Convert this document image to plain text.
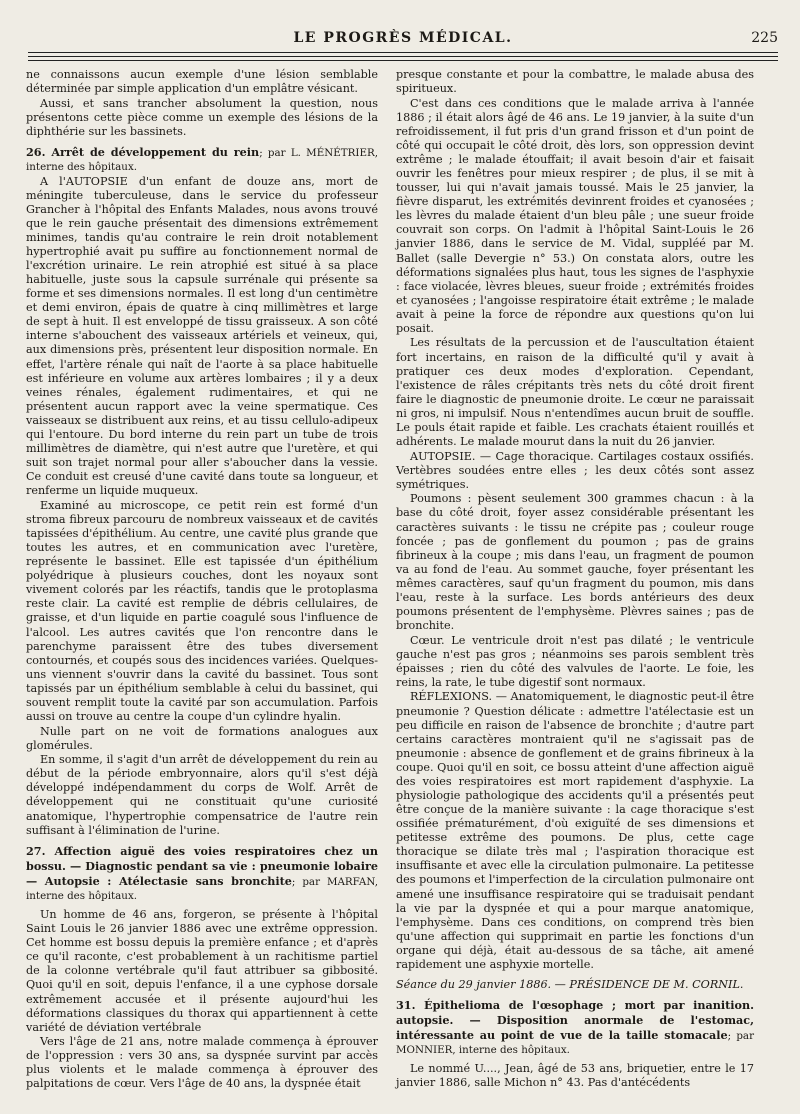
LE PROGRÈS MÉDICAL.	225

ne connaissons aucun exemple d'une lésion semblable déterminée par simple application d'un emplâtre vésicant.

Aussi, et sans trancher absolument la question, nous présentons cette pièce comme un exemple des lésions de la diphthérie sur les bassinets.

26. Arrêt de développement du rein; par L. MÉNÉTRIER, interne des hôpitaux.

A l'AUTOPSIE d'un enfant de douze ans, mort de méningite tuberculeuse, dans le service du professeur Grancher à l'hôpital des Enfants Malades, nous avons trouvé que le rein gauche présentait des dimensions extrêmement minimes, tandis qu'au contraire le rein droit notablement hypertrophié avait pu suffire au fonctionnement normal de l'excrétion urinaire. Le rein atrophié est situé à sa place habituelle, juste sous la capsule surrénale qui présente sa forme et ses dimensions normales. Il est long d'un centimètre et demi environ, épais de quatre à cinq millimètres et large de sept à huit. Il est enveloppé de tissu graisseux. A son côté interne s'abouchent des vaisseaux artériels et veineux, qui, aux dimensions près, présentent leur disposition normale. En effet, l'artère rénale qui naît de l'aorte à sa place habituelle est inférieure en volume aux artères lombaires ; il y a deux veines rénales, également rudimentaires, et qui ne présentent aucun rapport avec la veine spermatique. Ces vaisseaux se distribuent aux reins, et au tissu cellulo-adipeux qui l'entoure. Du bord interne du rein part un tube de trois millimètres de diamètre, qui n'est autre que l'uretère, et qui suit son trajet normal pour aller s'aboucher dans la vessie. Ce conduit est creusé d'une cavité dans toute sa longueur, et renferme un liquide muqueux.

Examiné au microscope, ce petit rein est formé d'un stroma fibreux parcouru de nombreux vaisseaux et de cavités tapissées d'épithélium. Au centre, une cavité plus grande que toutes les autres, et en communication avec l'uretère, représente le bassinet. Elle est tapissée d'un épithélium polyédrique à plusieurs couches, dont les noyaux sont vivement colorés par les réactifs, tandis que le protoplasma reste clair. La cavité est remplie de débris cellulaires, de graisse, et d'un liquide en partie coagulé sous l'influence de l'alcool. Les autres cavités que l'on rencontre dans le parenchyme paraissent être des tubes diversement contournés, et coupés sous des incidences variées. Quelques-uns viennent s'ouvrir dans la cavité du bassinet. Tous sont tapissés par un épithélium semblable à celui du bassinet, qui souvent remplit toute la cavité par son accumulation. Parfois aussi on trouve au centre la coupe d'un cylindre hyalin.

Nulle part on ne voit de formations analogues aux glomérules.

En somme, il s'agit d'un arrêt de développement du rein au début de la période embryonnaire, alors qu'il s'est déjà développé indépendamment du corps de Wolf. Arrêt de développement qui ne constituait qu'une curiosité anatomique, l'hypertrophie compensatrice de l'autre rein suffisant à l'élimination de l'urine.

27. Affection aiguë des voies respiratoires chez un bossu. — Diagnostic pendant sa vie : pneumonie lobaire — Autopsie : Atélectasie sans bronchite; par MARFAN, interne des hôpitaux.

Un homme de 46 ans, forgeron, se présente à l'hôpital Saint Louis le 26 janvier 1886 avec une extrême oppression. Cet homme est bossu depuis la première enfance ; et d'après ce qu'il raconte, c'est probablement à un rachitisme partiel de la colonne vertébrale qu'il faut attribuer sa gibbosité. Quoi qu'il en soit, depuis l'enfance, il a une cyphose dorsale extrêmement accusée et il présente aujourd'hui les déformations classiques du thorax qui appartiennent à cette variété de déviation vertébrale

Vers l'âge de 21 ans, notre malade commença à éprouver de l'oppression : vers 30 ans, sa dyspnée survint par accès plus violents et le malade commença à éprouver des palpitations de cœur. Vers l'âge de 40 ans, la dyspnée était

presque constante et pour la combattre, le malade abusa des spiritueux.

C'est dans ces conditions que le malade arriva à l'année 1886 ; il était alors âgé de 46 ans. Le 19 janvier, à la suite d'un refroidissement, il fut pris d'un grand frisson et d'un point de côté qui occupait le côté droit, dès lors, son oppression devint extrême ; le malade étouffait; il avait besoin d'air et faisait ouvrir les fenêtres pour mieux respirer ; de plus, il se mit à tousser, lui qui n'avait jamais toussé. Mais le 25 janvier, la fièvre disparut, les extrémités devinrent froides et cyanosées ; les lèvres du malade étaient d'un bleu pâle ; une sueur froide couvrait son corps. On l'admit à l'hôpital Saint-Louis le 26 janvier 1886, dans le service de M. Vidal, suppléé par M. Ballet (salle Devergie n° 53.) On constata alors, outre les déformations signalées plus haut, tous les signes de l'asphyxie : face violacée, lèvres bleues, sueur froide ; extrémités froides et cyanosées ; l'angoisse respiratoire était extrême ; le malade avait à peine la force de répondre aux questions qu'on lui posait.

Les résultats de la percussion et de l'auscultation étaient fort incertains, en raison de la difficulté qu'il y avait à pratiquer ces deux modes d'exploration. Cependant, l'existence de râles crépitants très nets du côté droit firent faire le diagnostic de pneumonie droite. Le cœur ne paraissait ni gros, ni impulsif. Nous n'entendîmes aucun bruit de souffle. Le pouls était rapide et faible. Les crachats étaient rouillés et adhérents. Le malade mourut dans la nuit du 26 janvier.

AUTOPSIE. — Cage thoracique. Cartilages costaux ossifiés. Vertèbres soudées entre elles ; les deux côtés sont assez symétriques.

Poumons : pèsent seulement 300 grammes chacun : à la base du côté droit, foyer assez considérable présentant les caractères suivants : le tissu ne crépite pas ; couleur rouge foncée ; pas de gonflement du poumon ; pas de grains fibrineux à la coupe ; mis dans l'eau, un fragment de poumon va au fond de l'eau. Au sommet gauche, foyer présentant les mêmes caractères, sauf qu'un fragment du poumon, mis dans l'eau, reste à la surface. Les bords antérieurs des deux poumons présentent de l'emphysème. Plèvres saines ; pas de bronchite.

Cœur. Le ventricule droit n'est pas dilaté ; le ventricule gauche n'est pas gros ; néanmoins ses parois semblent très épaisses ; rien du côté des valvules de l'aorte. Le foie, les reins, la rate, le tube digestif sont normaux.

RÉFLEXIONS. — Anatomiquement, le diagnostic peut-il être pneumonie ? Question délicate : admettre l'atélectasie est un peu difficile en raison de l'absence de bronchite ; d'autre part certains caractères montraient qu'il ne s'agissait pas de pneumonie : absence de gonflement et de grains fibrineux à la coupe. Quoi qu'il en soit, ce bossu atteint d'une affection aiguë des voies respiratoires est mort rapidement d'asphyxie. La physiologie pathologique des accidents qu'il a présentés peut être conçue de la manière suivante : la cage thoracique s'est ossifiée prématurément, d'où exiguïté de ses dimensions et petitesse extrême des poumons. De plus, cette cage thoracique se dilate très mal ; l'aspiration thoracique est insuffisante et avec elle la circulation pulmonaire. La petitesse des poumons et l'imperfection de la circulation pulmonaire ont amené une insuffisance respiratoire qui se traduisait pendant la vie par la dyspnée et qui a pour marque anatomique, l'emphysème. Dans ces conditions, on comprend très bien qu'une affection qui supprimait en partie les fonctions d'un organe qui déjà, était au-dessous de sa tâche, ait amené rapidement une asphyxie mortelle.

Séance du 29 janvier 1886. — PRÉSIDENCE DE M. CORNIL.

31. Épithelioma de l'œsophage ; mort par inanition. autopsie. — Disposition anormale de l'estomac, intéressante au point de vue de la taille stomacale; par MONNIER, interne des hôpitaux.

Le nommé U...., Jean, âgé de 53 ans, briquetier, entre le 17 janvier 1886, salle Michon n° 43. Pas d'antécédents
